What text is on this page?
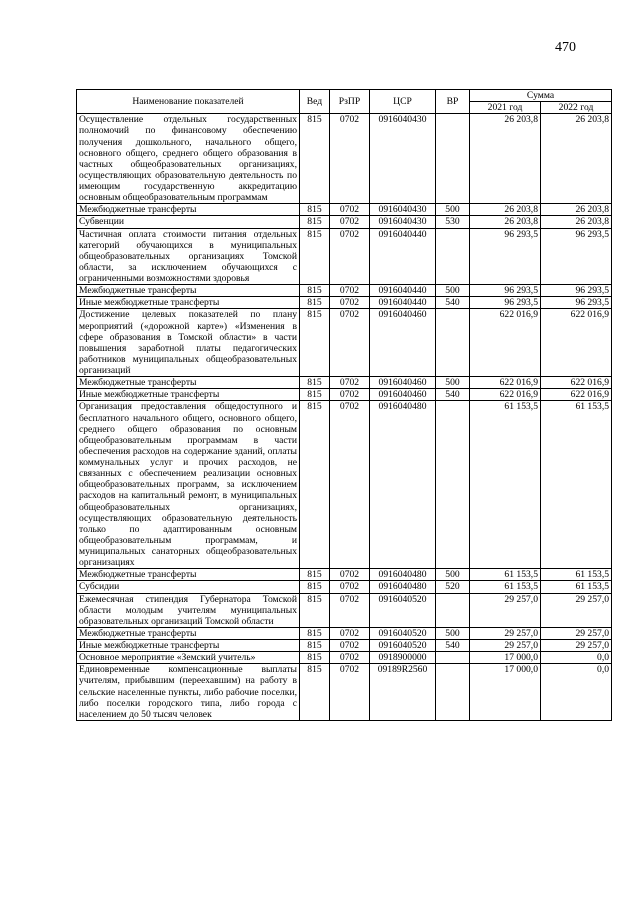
470
Наименование показателей	Вед	РзПР	ЦСР	ВР	Сумма	
					2021 год	2022 год
Осуществление отдельных государственных полномочий по финансовому обеспечению получения дошкольного, начального общего, основного общего, среднего общего образования в частных общеобразовательных организациях, осуществляющих образовательную деятельность по имеющим государственную аккредитацию основным общеобразовательным программам	815	0702	0916040430		26 203,8	26 203,8
Межбюджетные трансферты	815	0702	0916040430	500	26 203,8	26 203,8
Субвенции	815	0702	0916040430	530	26 203,8	26 203,8
Частичная оплата стоимости питания отдельных категорий обучающихся в муниципальных общеобразовательных организациях Томской области, за исключением обучающихся с ограниченными возможностями здоровья	815	0702	0916040440		96 293,5	96 293,5
Межбюджетные трансферты	815	0702	0916040440	500	96 293,5	96 293,5
Иные межбюджетные трансферты	815	0702	0916040440	540	96 293,5	96 293,5
Достижение целевых показателей по плану мероприятий («дорожной карте») «Изменения в сфере образования в Томской области» в части повышения заработной платы педагогических работников муниципальных общеобразовательных организаций	815	0702	0916040460		622 016,9	622 016,9
Межбюджетные трансферты	815	0702	0916040460	500	622 016,9	622 016,9
Иные межбюджетные трансферты	815	0702	0916040460	540	622 016,9	622 016,9
Организация предоставления общедоступного и бесплатного начального общего, основного общего, среднего общего образования по основным общеобразовательным программам в части обеспечения расходов на содержание зданий, оплаты коммунальных услуг и прочих расходов, не связанных с обеспечением реализации основных общеобразовательных программ, за исключением расходов на капитальный ремонт, в муниципальных общеобразовательных организациях, осуществляющих образовательную деятельность только по адаптированным основным общеобразовательным программам, и муниципальных санаторных общеобразовательных организациях	815	0702	0916040480		61 153,5	61 153,5
Межбюджетные трансферты	815	0702	0916040480	500	61 153,5	61 153,5
Субсидии	815	0702	0916040480	520	61 153,5	61 153,5
Ежемесячная стипендия Губернатора Томской области молодым учителям муниципальных образовательных организаций Томской области	815	0702	0916040520		29 257,0	29 257,0
Межбюджетные трансферты	815	0702	0916040520	500	29 257,0	29 257,0
Иные межбюджетные трансферты	815	0702	0916040520	540	29 257,0	29 257,0
Основное мероприятие «Земский учитель»	815	0702	0918900000		17 000,0	0,0
Единовременные компенсационные выплаты учителям, прибывшим (переехавшим) на работу в сельские населенные пункты, либо рабочие поселки, либо поселки городского типа, либо города с населением до 50 тысяч человек	815	0702	09189R2560		17 000,0	0,0
